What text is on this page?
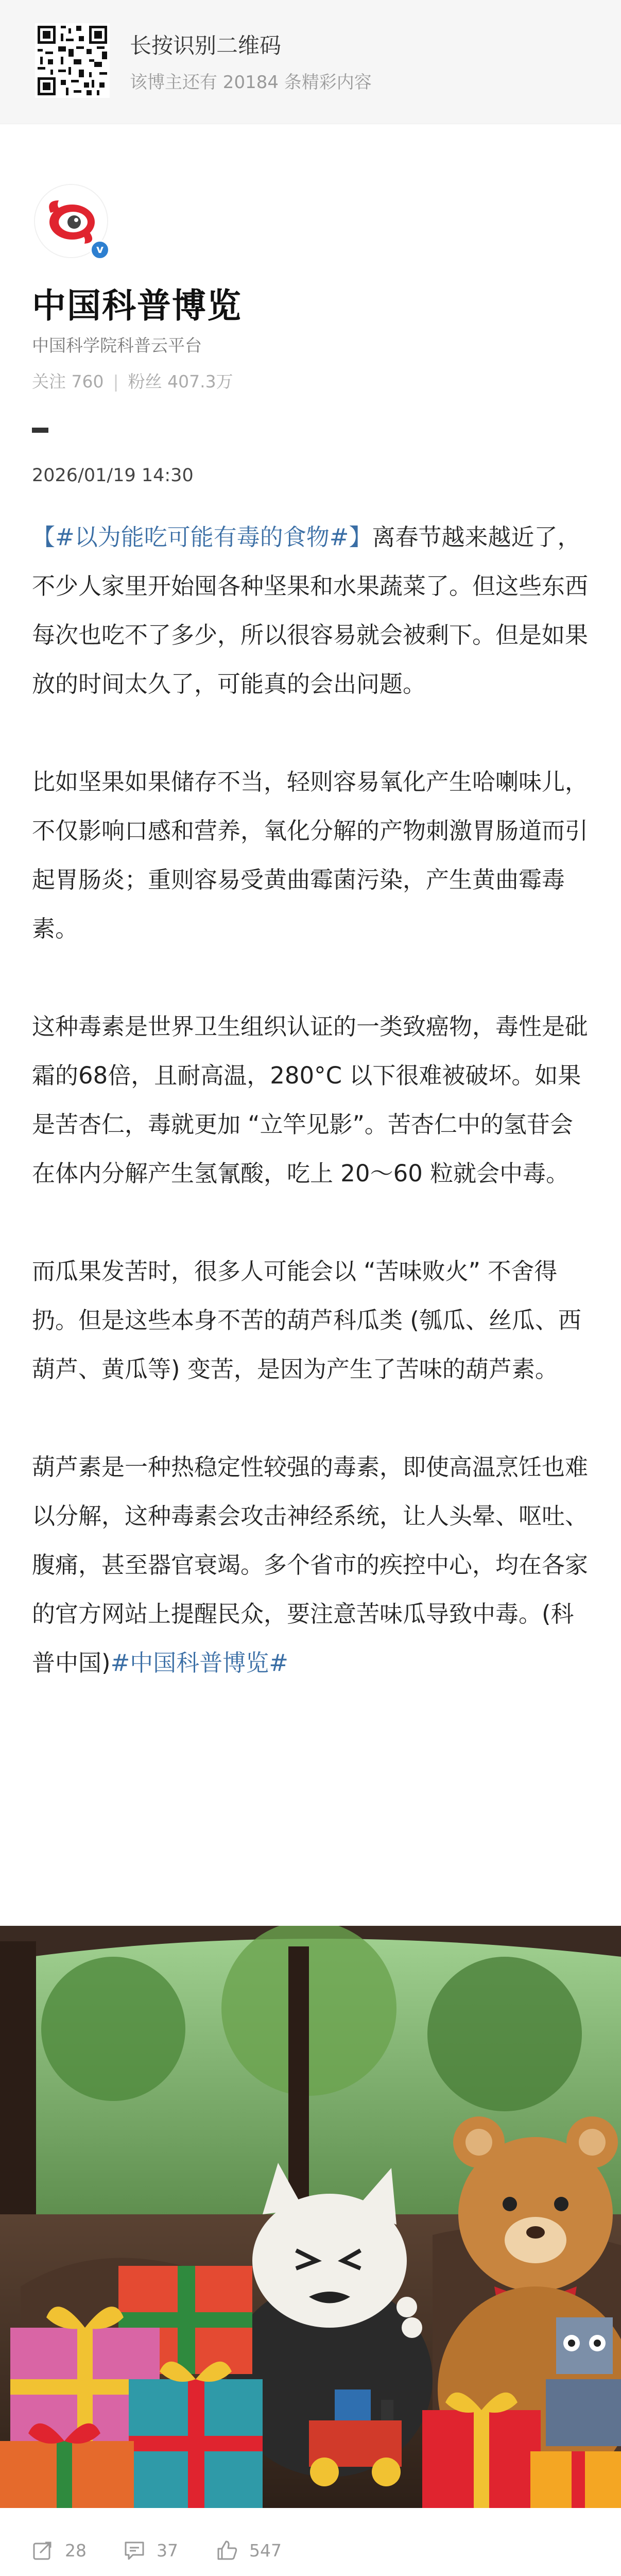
长按识别二维码
该博主还有 20184 条精彩内容
v
中国科普博览
中国科学院科普云平台
关注 760 | 粉丝 407.3万
2026/01/19 14:30

【#以为能吃可能有毒的食物#】离春节越来越近了，不少人家里开始囤各种坚果和水果蔬菜了。但这些东西每次也吃不了多少，所以很容易就会被剩下。但是如果放的时间太久了，可能真的会出问题。

比如坚果如果储存不当，轻则容易氧化产生哈喇味儿，不仅影响口感和营养，氧化分解的产物刺激胃肠道而引起胃肠炎；重则容易受黄曲霉菌污染，产生黄曲霉毒素。

这种毒素是世界卫生组织认证的一类致癌物，毒性是砒霜的68倍，且耐高温，280°C 以下很难被破坏。如果是苦杏仁，毒就更加 “立竿见影”。苦杏仁中的氢苷会在体内分解产生氢氰酸，吃上 20～60 粒就会中毒。

而瓜果发苦时，很多人可能会以 “苦味败火” 不舍得扔。但是这些本身不苦的葫芦科瓜类 (瓠瓜、丝瓜、西葫芦、黄瓜等) 变苦，是因为产生了苦味的葫芦素。

葫芦素是一种热稳定性较强的毒素，即使高温烹饪也难以分解，这种毒素会攻击神经系统，让人头晕、呕吐、腹痛，甚至器官衰竭。多个省市的疾控中心，均在各家的官方网站上提醒民众，要注意苦味瓜导致中毒。(科普中国)#中国科普博览#

28	37	547
